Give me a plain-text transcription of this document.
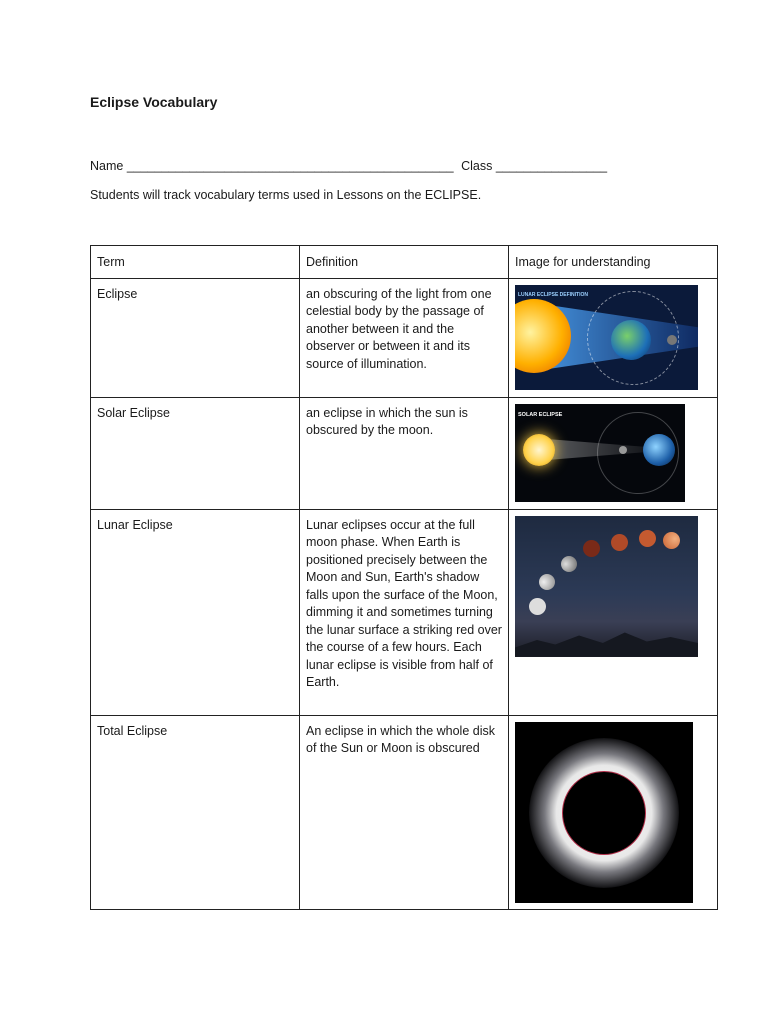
Eclipse Vocabulary
Name _______________________________________________ Class ________________

Students will track vocabulary terms used in Lessons on the ECLIPSE.

Term	Definition	Image for understanding
Eclipse	an obscuring of the light from one celestial body by the passage of another between it and the observer or between it and its source of illumination.	LUNAR ECLIPSE DEFINITION

Solar Eclipse	an eclipse in which the sun is obscured by the moon.	SOLAR ECLIPSE

Lunar Eclipse	Lunar eclipses occur at the full moon phase. When Earth is positioned precisely between the Moon and Sun, Earth's shadow falls upon the surface of the Moon, dimming it and sometimes turning the lunar surface a striking red over the course of a few hours. Each lunar eclipse is visible from half of Earth.	

Total Eclipse	An eclipse in which the whole disk of the Sun or Moon is obscured	
